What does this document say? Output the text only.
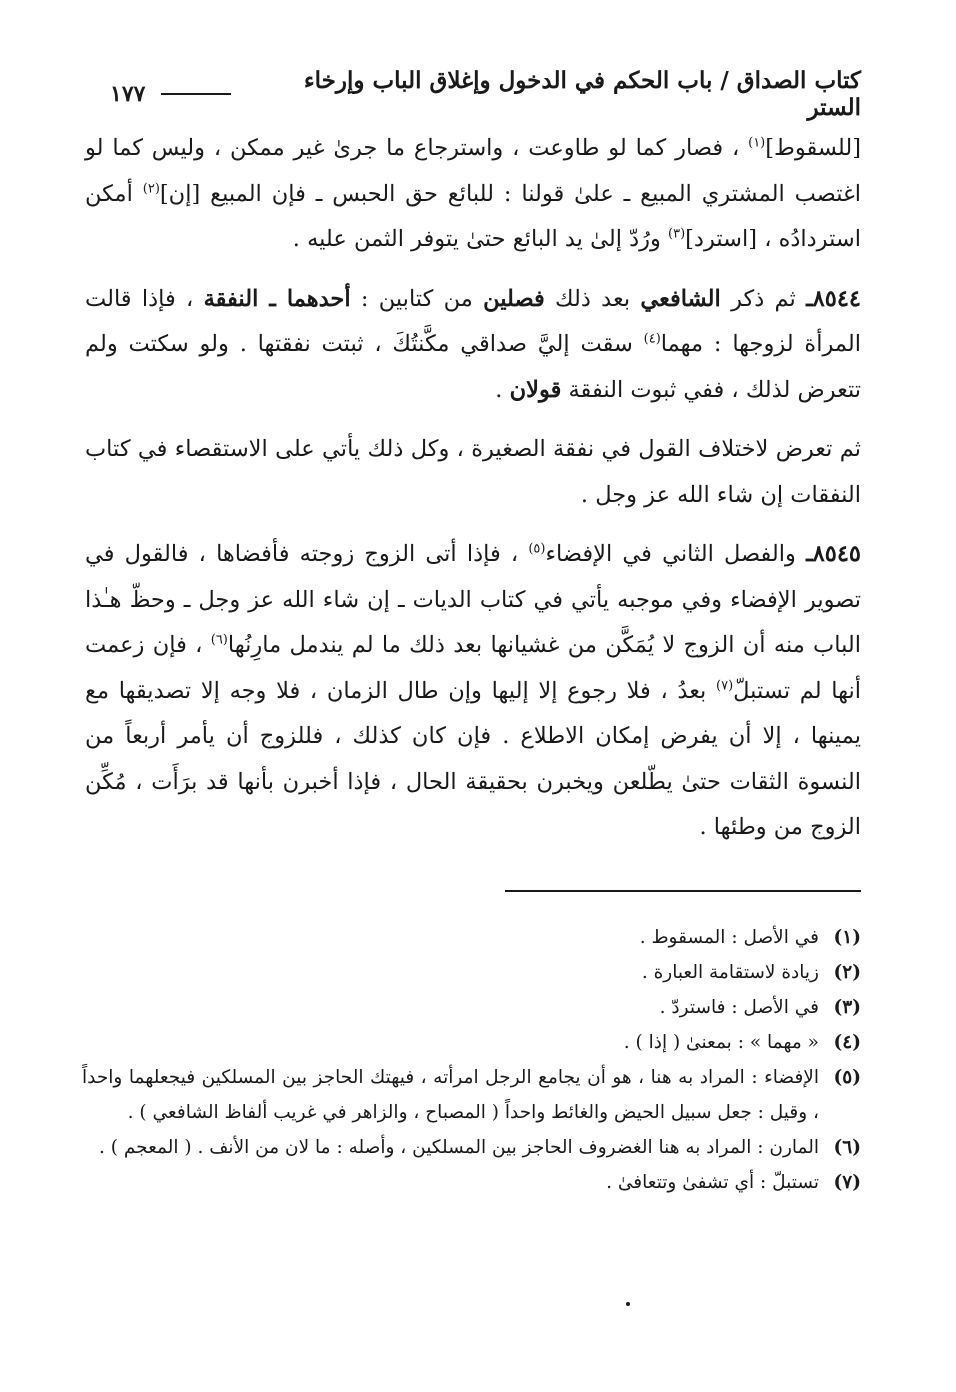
كتاب الصداق / باب الحكم في الدخول وإغلاق الباب وإرخاء الستر
١٧٧

[للسقوط]$^{(١)}$ ، فصار كما لو طاوعت ، واسترجاع ما جرىٰ غير ممكن ، وليس كما لو اغتصب المشتري المبيع ـ علىٰ قولنا : للبائع حق الحبس ـ فإن المبيع [إن]$^{(٢)}$ أمكن استردادُه ، [استرد]$^{(٣)}$ ورُدّ إلىٰ يد البائع حتىٰ يتوفر الثمن عليه .

٨٥٤٤ـ ثم ذكر الشافعي بعد ذلك فصلين من كتابين : أحدهما ـ النفقة ، فإذا قالت المرأة لزوجها : مهما$^{(٤)}$ سقت إليَّ صداقي مكَّنتُكَ ، ثبتت نفقتها . ولو سكتت ولم تتعرض لذلك ، ففي ثبوت النفقة قولان .

ثم تعرض لاختلاف القول في نفقة الصغيرة ، وكل ذلك يأتي على الاستقصاء في كتاب النفقات إن شاء الله عز وجل .

٨٥٤٥ـ والفصل الثاني في الإفضاء$^{(٥)}$ ، فإذا أتى الزوج زوجته فأفضاها ، فالقول في تصوير الإفضاء وفي موجبه يأتي في كتاب الديات ـ إن شاء الله عز وجل ـ وحظّ هـٰذا الباب منه أن الزوج لا يُمَكَّن من غشيانها بعد ذلك ما لم يندمل مارِنُها$^{(٦)}$ ، فإن زعمت أنها لم تستبلّ$^{(٧)}$ بعدُ ، فلا رجوع إلا إليها وإن طال الزمان ، فلا وجه إلا تصديقها مع يمينها ، إلا أن يفرض إمكان الاطلاع . فإن كان كذلك ، فللزوج أن يأمر أربعاً من النسوة الثقات حتىٰ يطّلعن ويخبرن بحقيقة الحال ، فإذا أخبرن بأنها قد برَأَت ، مُكِّن الزوج من وطئها .

(١)
في الأصل : المسقوط .
(٢)
زيادة لاستقامة العبارة .
(٣)
في الأصل : فاستردّ .
(٤)
« مهما » : بمعنىٰ ( إذا ) .
(٥)
الإفضاء : المراد به هنا ، هو أن يجامع الرجل امرأته ، فيهتك الحاجز بين المسلكين فيجعلهما واحداً ، وقيل : جعل سبيل الحيض والغائط واحداً ( المصباح ، والزاهر في غريب ألفاظ الشافعي ) .
(٦)
المارن : المراد به هنا الغضروف الحاجز بين المسلكين ، وأصله : ما لان من الأنف . ( المعجم ) .
(٧)
تستبلّ : أي تشفىٰ وتتعافىٰ .
